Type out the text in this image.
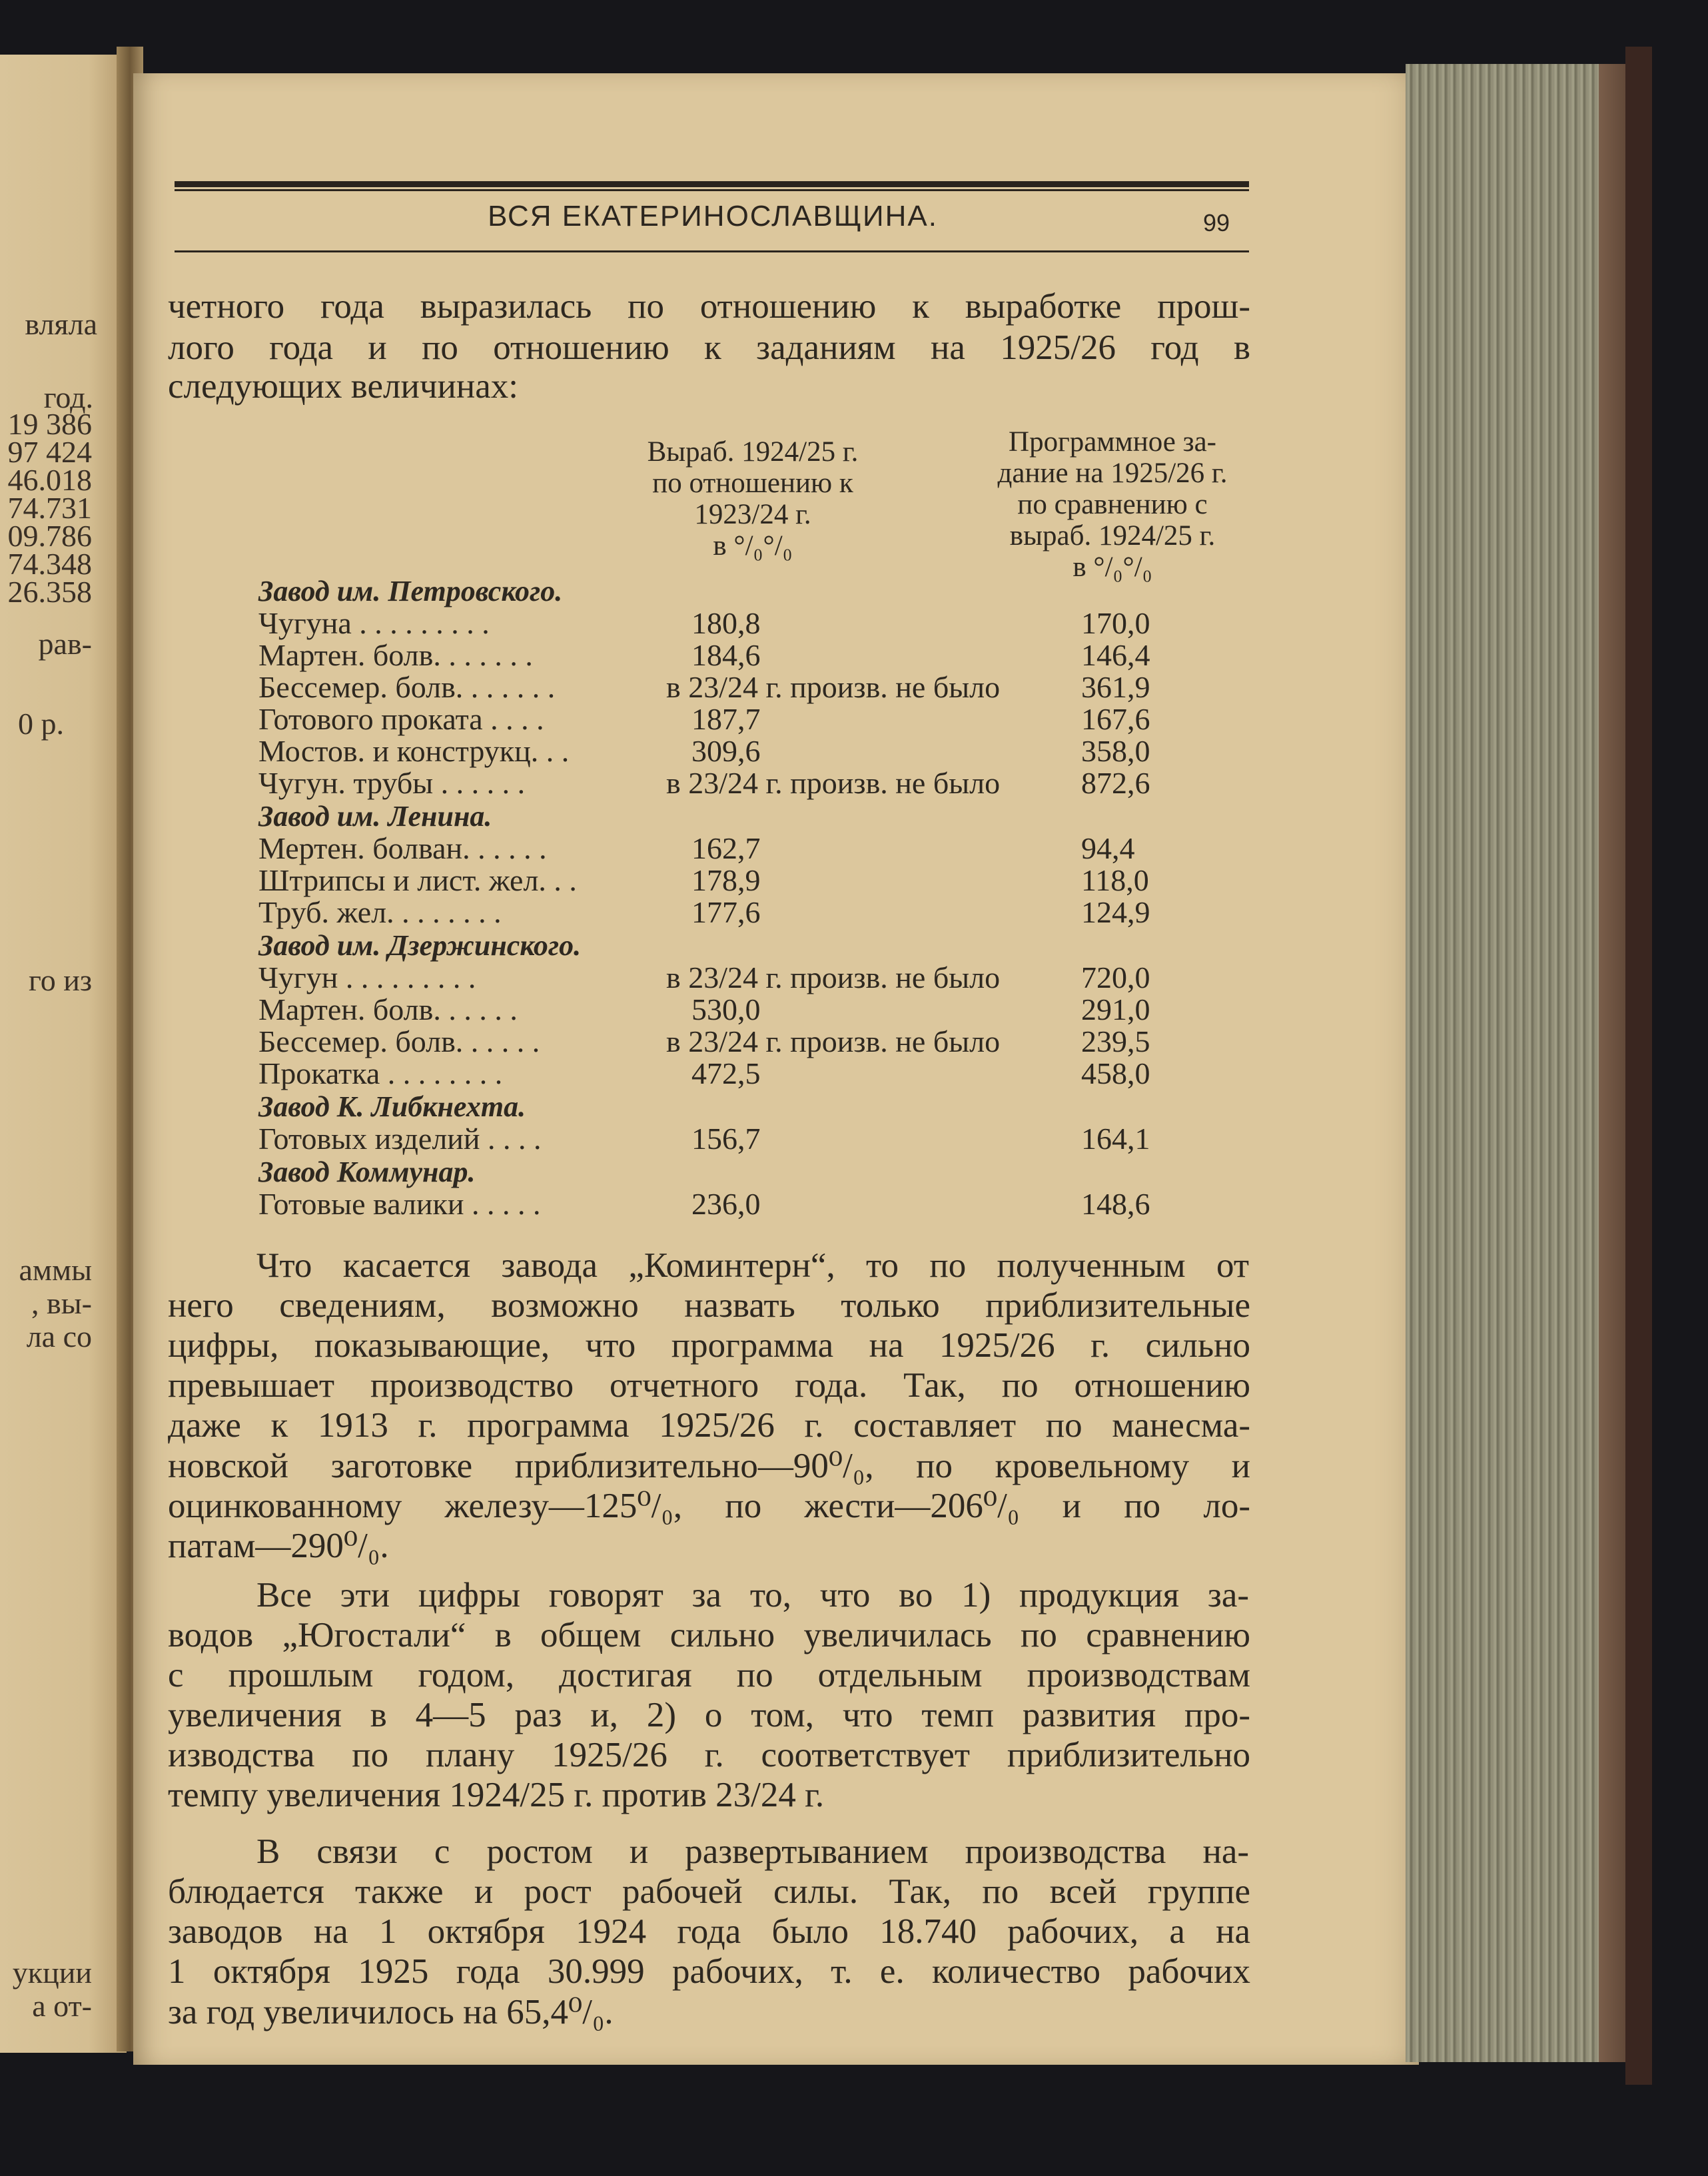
вляла
год.
19 386
97 424
46.018
74.731
09.786
74.348
26.358
рав-
0 р.
го из
аммы
, вы-
ла со
укции
а от-
ВСЯ ЕКАТЕРИНОСЛАВЩИНА.	99
четного года выразилась по отношению к выработке прош-
лого года и по отношению к заданиям на 1925/26 год в
следующих величинах:
Выраб. 1924/25 г.
по отношению к
1923/24 г.
в °/₀°/₀
Программное за-
дание на 1925/26 г.
по сравнению с
выраб. 1924/25 г.
в °/₀°/₀
Завод им. Петровского.
Чугуна . . . . . . . . .	180,8	170,0
Мартен. болв. . . . . . .	184,6	146,4
Бессемер. болв. . . . . . .	в 23/24 г. произв. не было	361,9
Готового проката . . . .	187,7	167,6
Мостов. и конструкц. . .	309,6	358,0
Чугун. трубы . . . . . .	в 23/24 г. произв. не было	872,6
Завод им. Ленина.
Мертен. болван. . . . . .	162,7	94,4
Штрипсы и лист. жел. . .	178,9	118,0
Труб. жел. . . . . . . .	177,6	124,9
Завод им. Дзержинского.
Чугун . . . . . . . . .	в 23/24 г. произв. не было	720,0
Мартен. болв. . . . . .	530,0	291,0
Бессемер. болв. . . . . .	в 23/24 г. произв. не было	239,5
Прокатка . . . . . . . .	472,5	458,0
Завод К. Либкнехта.
Готовых изделий . . . .	156,7	164,1
Завод Коммунар.
Готовые валики . . . . .	236,0	148,6
Что касается завода „Коминтерн“, то по полученным от
него сведениям, возможно назвать только приблизительные
цифры, показывающие, что программа на 1925/26 г. сильно
превышает производство отчетного года. Так, по отношению
даже к 1913 г. программа 1925/26 г. составляет по манесма-
новской заготовке приблизительно—90⁰/₀, по кровельному и
оцинкованному железу—125⁰/₀, по жести—206⁰/₀ и по ло-
патам—290⁰/₀.
Все эти цифры говорят за то, что во 1) продукция за-
водов „Югостали“ в общем сильно увеличилась по сравнению
с прошлым годом, достигая по отдельным производствам
увеличения в 4—5 раз и, 2) о том, что темп развития про-
изводства по плану 1925/26 г. соответствует приблизительно
темпу увеличения 1924/25 г. против 23/24 г.
В связи с ростом и развертыванием производства на-
блюдается также и рост рабочей силы. Так, по всей группе
заводов на 1 октября 1924 года было 18.740 рабочих, а на
1 октября 1925 года 30.999 рабочих, т. е. количество рабочих
за год увеличилось на 65,4⁰/₀.
